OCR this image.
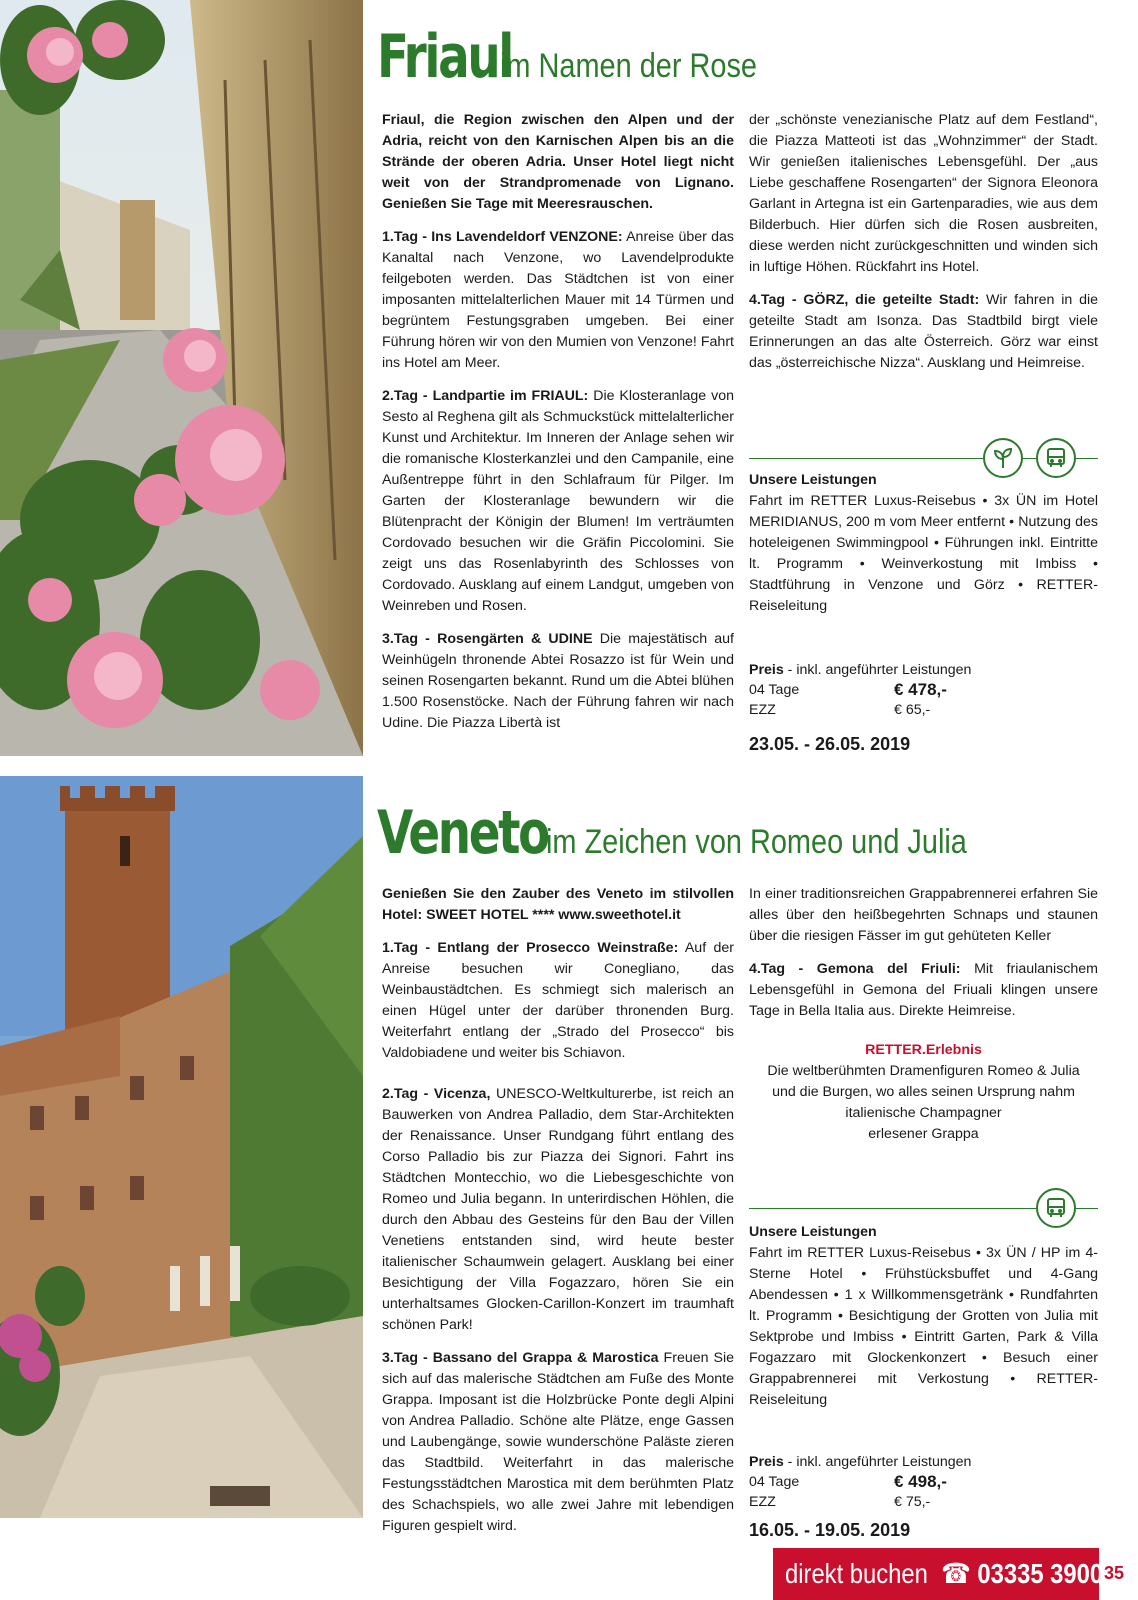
Friaulim Namen der Rose

Friaul, die Region zwischen den Alpen und der Adria, reicht von den Karnischen Alpen bis an die Strände der oberen Adria. Unser Hotel liegt nicht weit von der Strandpromenade von Lignano. Genießen Sie Tage mit Meeresrauschen.

1.Tag - Ins Lavendeldorf VENZONE: Anreise über das Kanaltal nach Venzone, wo Lavendelprodukte feilgeboten werden. Das Städtchen ist von einer imposanten mittelalterlichen Mauer mit 14 Türmen und begrüntem Festungsgraben umgeben. Bei einer Führung hören wir von den Mumien von Venzone! Fahrt ins Hotel am Meer.

2.Tag - Landpartie im FRIAUL: Die Klosteranlage von Sesto al Reghena gilt als Schmuckstück mittelalterlicher Kunst und Architektur. Im Inneren der Anlage sehen wir die romanische Klosterkanzlei und den Campanile, eine Außentreppe führt in den Schlafraum für Pilger. Im Garten der Klosteranlage bewundern wir die Blütenpracht der Königin der Blumen! Im verträumten Cordovado besuchen wir die Gräfin Piccolomini. Sie zeigt uns das Rosenlabyrinth des Schlosses von Cordovado. Ausklang auf einem Landgut, umgeben von Weinreben und Rosen.

3.Tag - Rosengärten & UDINE Die majestätisch auf Weinhügeln thronende Abtei Rosazzo ist für Wein und seinen Rosengarten bekannt. Rund um die Abtei blühen 1.500 Rosenstöcke. Nach der Führung fahren wir nach Udine. Die Piazza Libertà ist

der „schönste venezianische Platz auf dem Festland“, die Piazza Matteoti ist das „Wohnzimmer“ der Stadt. Wir genießen italienisches Lebensgefühl. Der „aus Liebe geschaffene Rosengarten“ der Signora Eleonora Garlant in Artegna ist ein Gartenparadies, wie aus dem Bilderbuch. Hier dürfen sich die Rosen ausbreiten, diese werden nicht zurückgeschnitten und winden sich in luftige Höhen. Rückfahrt ins Hotel.

4.Tag - GÖRZ, die geteilte Stadt: Wir fahren in die geteilte Stadt am Isonza. Das Stadtbild birgt viele Erinnerungen an das alte Österreich. Görz war einst das „österreichische Nizza“. Ausklang und Heimreise.

Unsere Leistungen
Fahrt im RETTER Luxus-Reisebus • 3x ÜN im Hotel MERIDIANUS, 200 m vom Meer entfernt • Nutzung des hoteleigenen Swimmingpool • Führungen inkl. Eintritte lt. Programm • Weinverkostung mit Imbiss • Stadtführung in Venzone und Görz • RETTER-Reiseleitung

Preis - inkl. angeführter Leistungen
04 Tage	€ 478,-
EZZ	€ 65,-
23.05. - 26.05. 2019
Venetoim Zeichen von Romeo und Julia

Genießen Sie den Zauber des Veneto im stilvollen Hotel: SWEET HOTEL **** www.sweethotel.it

1.Tag - Entlang der Prosecco Weinstraße: Auf der Anreise besuchen wir Conegliano, das Weinbaustädtchen. Es schmiegt sich malerisch an einen Hügel unter der darüber thronenden Burg. Weiterfahrt entlang der „Strado del Prosecco“ bis Valdobiadene und weiter bis Schiavon.

2.Tag - Vicenza, UNESCO-Weltkulturerbe, ist reich an Bauwerken von Andrea Palladio, dem Star-Architekten der Renaissance. Unser Rundgang führt entlang des Corso Palladio bis zur Piazza dei Signori. Fahrt ins Städtchen Montecchio, wo die Liebesgeschichte von Romeo und Julia begann. In unterirdischen Höhlen, die durch den Abbau des Gesteins für den Bau der Villen Venetiens entstanden sind, wird heute bester italienischer Schaumwein gelagert. Ausklang bei einer Besichtigung der Villa Fogazzaro, hören Sie ein unterhaltsames Glocken-Carillon-Konzert im traumhaft schönen Park!

3.Tag - Bassano del Grappa & Marostica Freuen Sie sich auf das malerische Städtchen am Fuße des Monte Grappa. Imposant ist die Holzbrücke Ponte degli Alpini von Andrea Palladio. Schöne alte Plätze, enge Gassen und Laubengänge, sowie wunderschöne Paläste zieren das Stadtbild. Weiterfahrt in das malerische Festungsstädtchen Marostica mit dem berühmten Platz des Schachspiels, wo alle zwei Jahre mit lebendigen Figuren gespielt wird.

In einer traditionsreichen Grappabrennerei erfahren Sie alles über den heißbegehrten Schnaps und staunen über die riesigen Fässer im gut gehüteten Keller

4.Tag - Gemona del Friuli: Mit friaulanischem Lebensgefühl in Gemona del Friuali klingen unsere Tage in Bella Italia aus. Direkte Heimreise.

RETTER.Erlebnis
Die weltberühmten Dramenfiguren Romeo & Julia
und die Burgen, wo alles seinen Ursprung nahm
italienische Champagner
erlesener Grappa

Unsere Leistungen
Fahrt im RETTER Luxus-Reisebus • 3x ÜN / HP im 4-Sterne Hotel • Frühstücksbuffet und 4-Gang Abendessen • 1 x Willkommensgetränk • Rundfahrten lt. Programm • Besichtigung der Grotten von Julia mit Sektprobe und Imbiss • Eintritt Garten, Park & Villa Fogazzaro mit Glockenkonzert • Besuch einer Grappabrennerei mit Verkostung • RETTER-Reiseleitung

Preis - inkl. angeführter Leistungen
04 Tage	€ 498,-
EZZ	€ 75,-
16.05. - 19.05. 2019
direkt buchen ☎ 03335 3900 35
